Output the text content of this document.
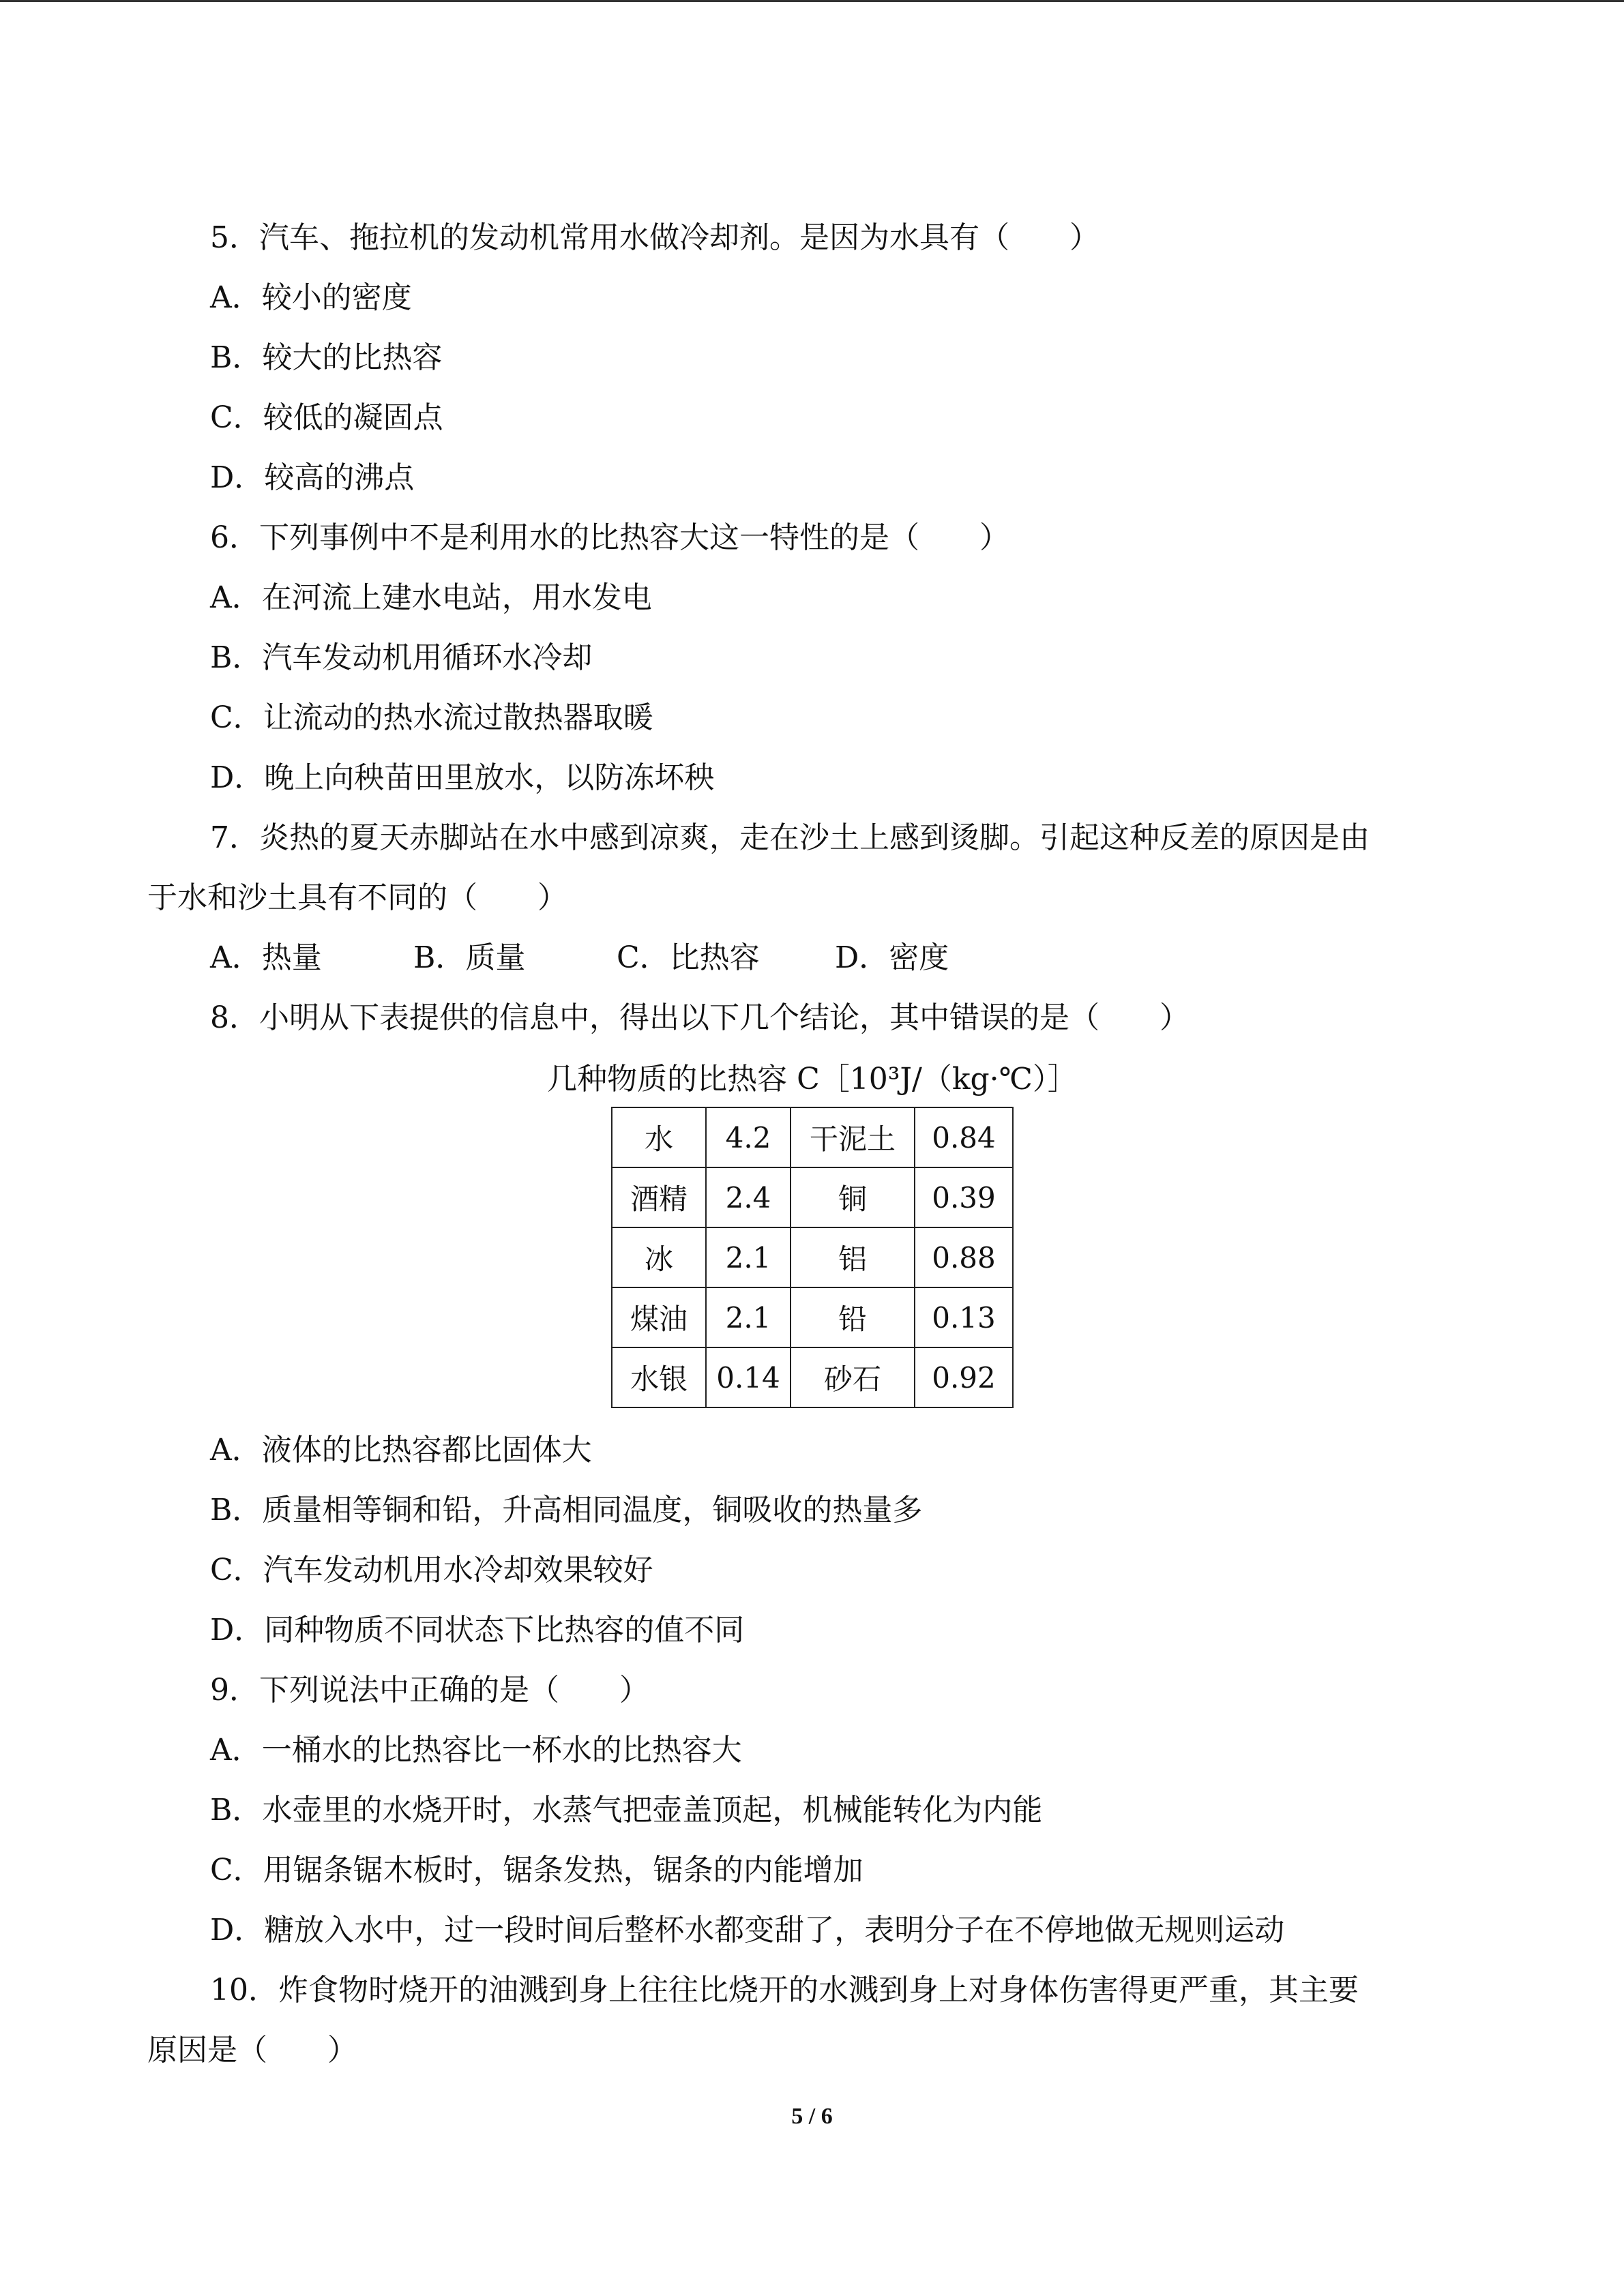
5．汽车、拖拉机的发动机常用水做冷却剂。是因为水具有（　　）
A．较小的密度
B．较大的比热容
C．较低的凝固点
D．较高的沸点
6．下列事例中不是利用水的比热容大这一特性的是（　　）
A．在河流上建水电站，用水发电
B．汽车发动机用循环水冷却
C．让流动的热水流过散热器取暖
D．晚上向秧苗田里放水，以防冻坏秧
7．炎热的夏天赤脚站在水中感到凉爽，走在沙土上感到烫脚。引起这种反差的原因是由
于水和沙土具有不同的（　　）
A．热量	B．质量	C．比热容	D．密度
8．小明从下表提供的信息中，得出以下几个结论，其中错误的是（　　）
几种物质的比热容 C［10³J/（kg·℃）］
水	4.2	干泥土	0.84
酒精	2.4	铜	0.39
冰	2.1	铝	0.88
煤油	2.1	铅	0.13
水银	0.14	砂石	0.92
A．液体的比热容都比固体大
B．质量相等铜和铅，升高相同温度，铜吸收的热量多
C．汽车发动机用水冷却效果较好
D．同种物质不同状态下比热容的值不同
9．下列说法中正确的是（　　）
A．一桶水的比热容比一杯水的比热容大
B．水壶里的水烧开时，水蒸气把壶盖顶起，机械能转化为内能
C．用锯条锯木板时，锯条发热，锯条的内能增加
D．糖放入水中，过一段时间后整杯水都变甜了，表明分子在不停地做无规则运动
10．炸食物时烧开的油溅到身上往往比烧开的水溅到身上对身体伤害得更严重，其主要
原因是（　　）
5 / 6
